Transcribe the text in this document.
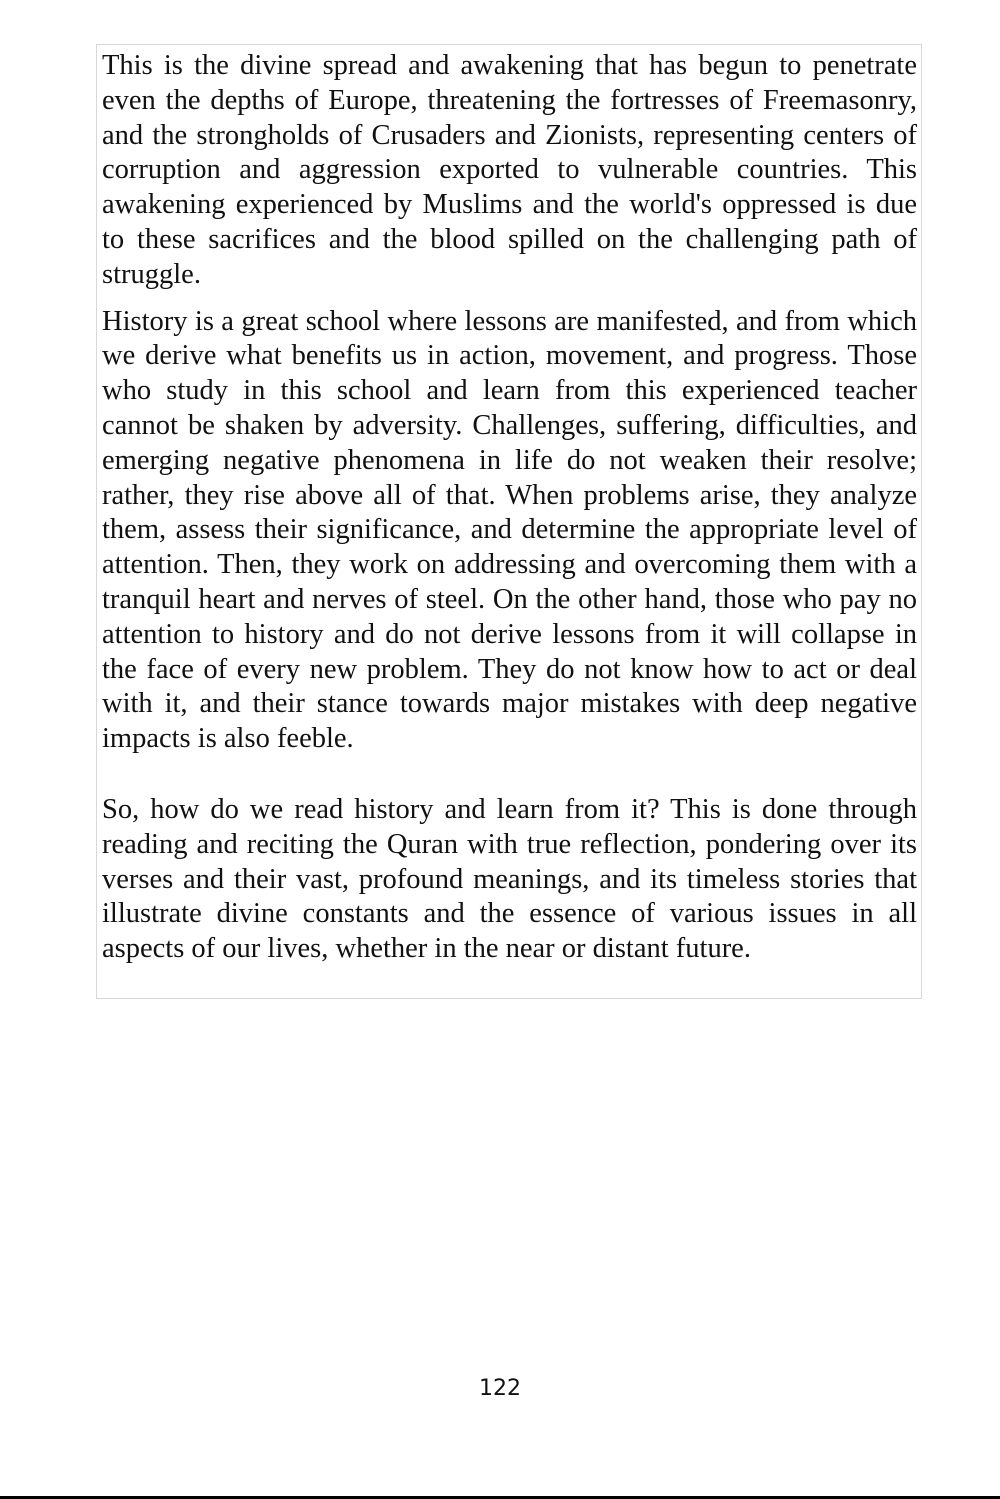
This is the divine spread and awakening that has begun to penetrate even the depths of Europe, threatening the fortresses of Freemasonry, and the strongholds of Crusaders and Zionists, representing centers of corruption and aggression exported to vulnerable countries. This awakening experienced by Muslims and the world's oppressed is due to these sacrifices and the blood spilled on the challenging path of struggle.

History is a great school where lessons are manifested, and from which we derive what benefits us in action, movement, and progress. Those who study in this school and learn from this experienced teacher cannot be shaken by adversity. Challenges, suffering, difficulties, and emerging negative phenomena in life do not weaken their resolve; rather, they rise above all of that. When problems arise, they analyze them, assess their significance, and determine the appropriate level of attention. Then, they work on addressing and overcoming them with a tranquil heart and nerves of steel. On the other hand, those who pay no attention to history and do not derive lessons from it will collapse in the face of every new problem. They do not know how to act or deal with it, and their stance towards major mistakes with deep negative impacts is also feeble.

So, how do we read history and learn from it? This is done through reading and reciting the Quran with true reflection, pondering over its verses and their vast, profound meanings, and its timeless stories that illustrate divine constants and the essence of various issues in all aspects of our lives, whether in the near or distant future.

122
